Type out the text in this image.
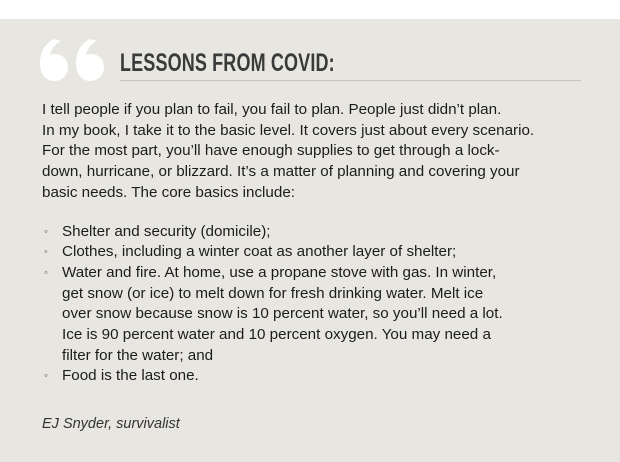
LESSONS FROM COVID:

I tell people if you plan to fail, you fail to plan. People just didn’t plan.

In my book, I take it to the basic level. It covers just about every scenario.

For the most part, you’ll have enough supplies to get through a lock-

down, hurricane, or blizzard. It’s a matter of planning and covering your

basic needs. The core basics include:

◦ Shelter and security (domicile);
◦ Clothes, including a winter coat as another layer of shelter;
◦ Water and fire. At home, use a propane stove with gas. In winter,
get snow (or ice) to melt down for fresh drinking water. Melt ice
over snow because snow is 10 percent water, so you’ll need a lot.
Ice is 90 percent water and 10 percent oxygen. You may need a
filter for the water; and
◦ Food is the last one.
EJ Snyder, survivalist
